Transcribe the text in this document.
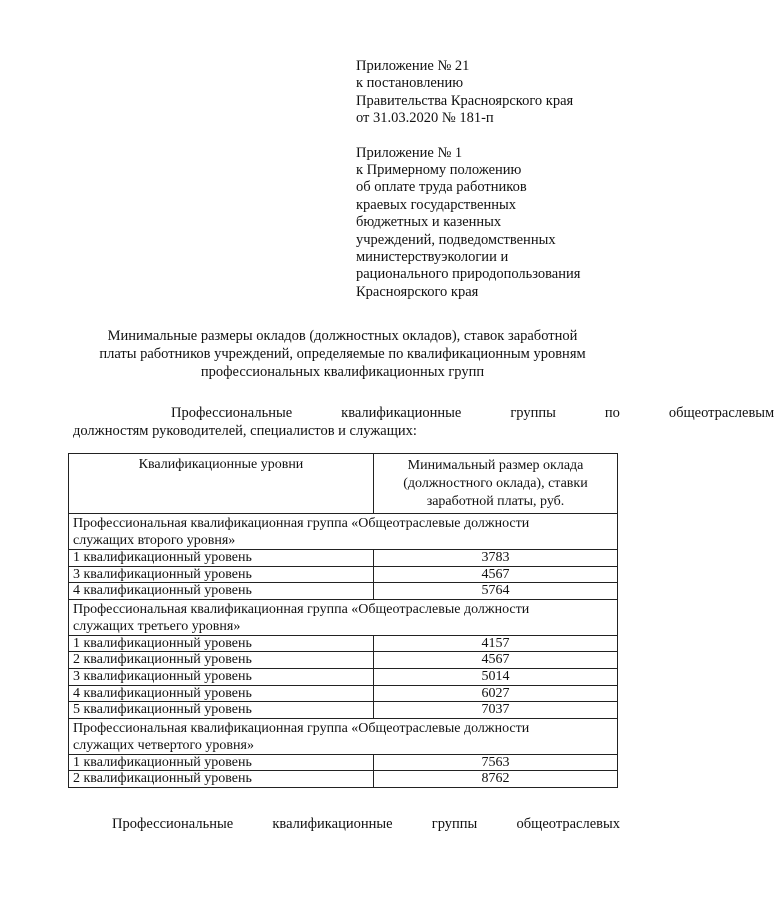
Приложение № 21

к постановлению

Правительства Красноярского края

от 31.03.2020 № 181-п

Приложение № 1

к Примерному положению

об оплате труда работников

краевых государственных

бюджетных и казенных

учреждений, подведомственных

министерствуэкологии и

рационального природопользования

Красноярского края

Минимальные размеры окладов (должностных окладов), ставок заработной
платы работников учреждений, определяемые по квалификационным уровням
профессиональных квалификационных групп
Профессиональные	квалификационные	группы	по	общеотраслевым
должностям руководителей, специалистов и служащих:
Квалификационные уровни	Минимальный размер оклада
(должностного оклада), ставки
заработной платы, руб.

Профессиональная квалификационная группа «Общеотраслевые должности
служащих второго уровня»	

1 квалификационный уровень	3783
3 квалификационный уровень	4567
4 квалификационный уровень	5764

Профессиональная квалификационная группа «Общеотраслевые должности
служащих третьего уровня»	

1 квалификационный уровень	4157
2 квалификационный уровень	4567
3 квалификационный уровень	5014
4 квалификационный уровень	6027
5 квалификационный уровень	7037

Профессиональная квалификационная группа «Общеотраслевые должности
служащих четвертого уровня»	

1 квалификационный уровень	7563
2 квалификационный уровень	8762
Профессиональные	квалификационные	группы	общеотраслевых
